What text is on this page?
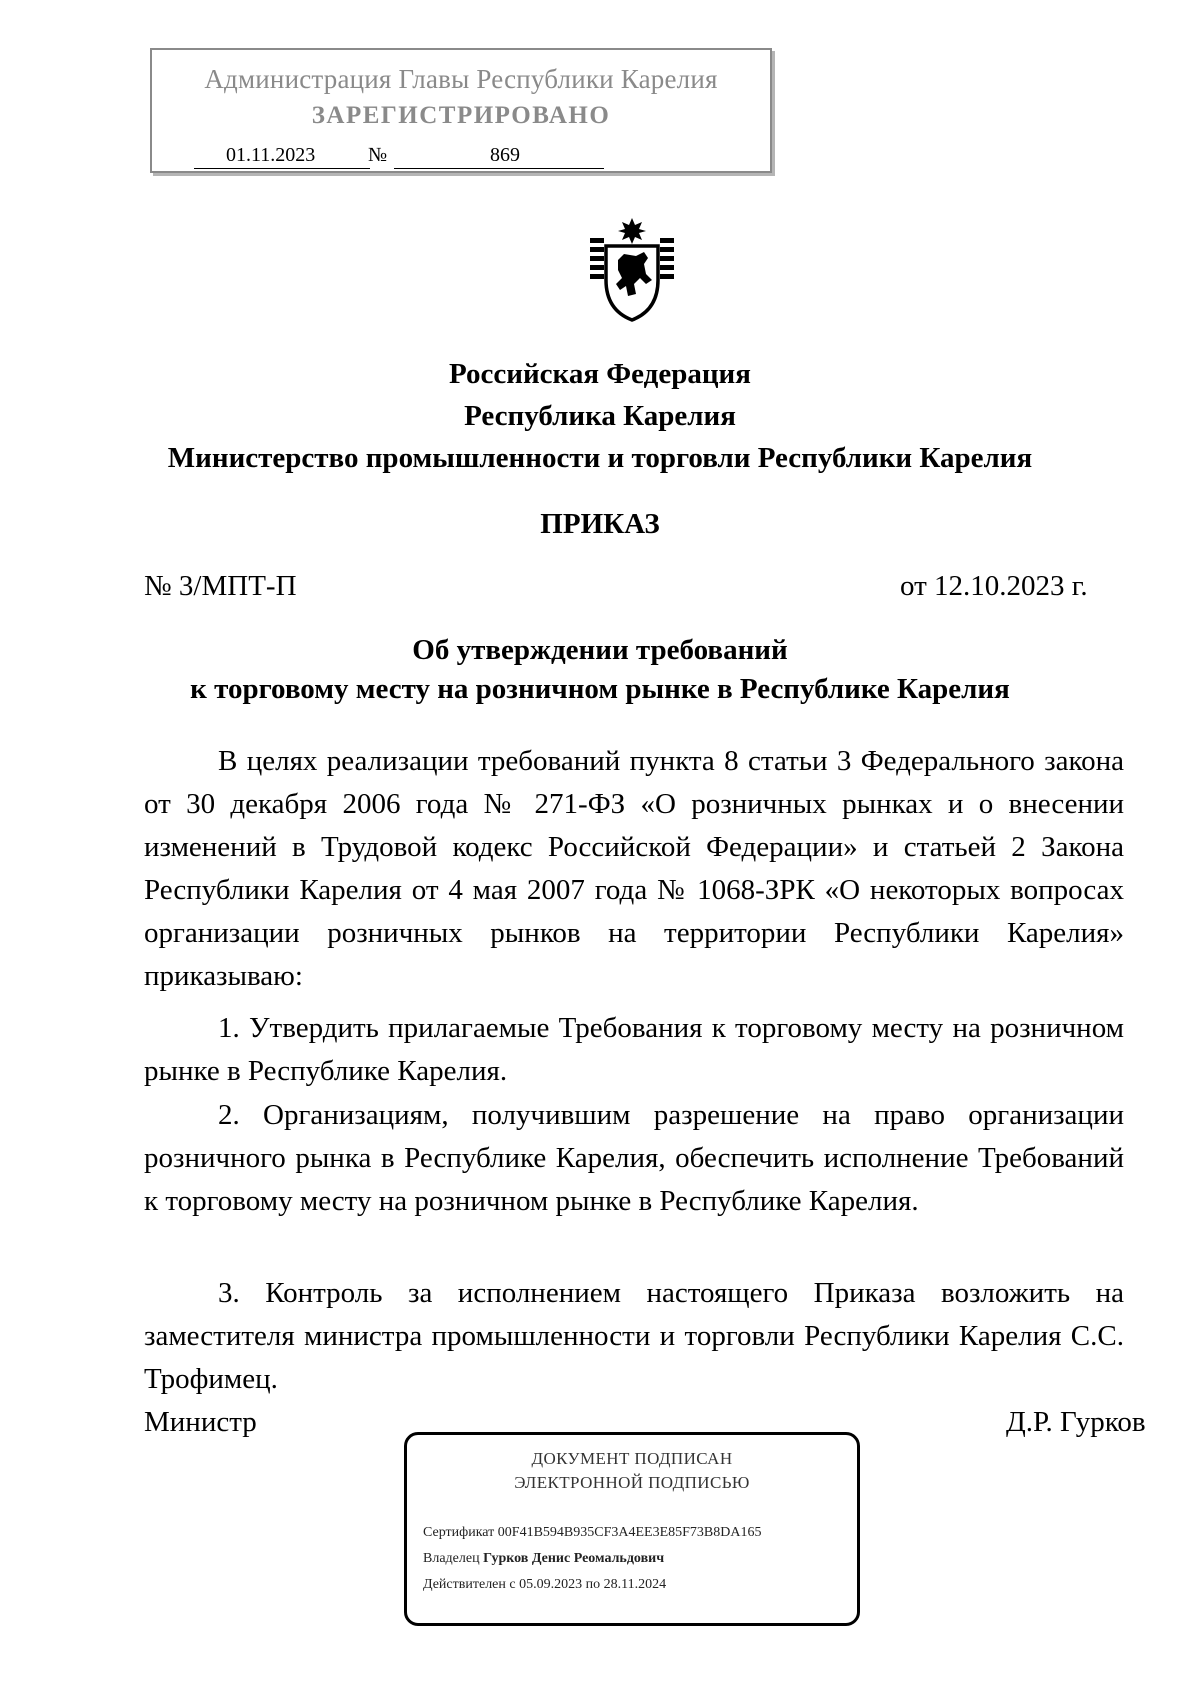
Администрация Главы Республики Карелия
ЗАРЕГИСТРИРОВАНО
01.11.2023	№	869
Российская Федерация
Республика Карелия
Министерство промышленности и торговли Республики Карелия
ПРИКАЗ
№ 3/МПТ-П	от 12.10.2023 г.
Об утверждении требований
к торговому месту на розничном рынке в Республике Карелия
В целях реализации требований пункта 8 статьи 3 Федерального закона от 30 декабря 2006 года № 271-ФЗ «О розничных рынках и о внесении изменений в Трудовой кодекс Российской Федерации» и статьей 2 Закона Республики Карелия от 4 мая 2007 года № 1068-ЗРК «О некоторых вопросах организации розничных рынков на территории Республики Карелия» приказываю:
1. Утвердить прилагаемые Требования к торговому месту на розничном рынке в Республике Карелия.
2. Организациям, получившим разрешение на право организации розничного рынка в Республике Карелия, обеспечить исполнение Требований к торговому месту на розничном рынке в Республике Карелия.
3. Контроль за исполнением настоящего Приказа возложить на заместителя министра промышленности и торговли Республики Карелия С.С. Трофимец.
Министр	Д.Р. Гурков
ДОКУМЕНТ ПОДПИСАН
ЭЛЕКТРОННОЙ ПОДПИСЬЮ
Сертификат 00F41B594B935CF3A4EE3E85F73B8DA165
Владелец Гурков Денис Реомальдович
Действителен с 05.09.2023 по 28.11.2024
